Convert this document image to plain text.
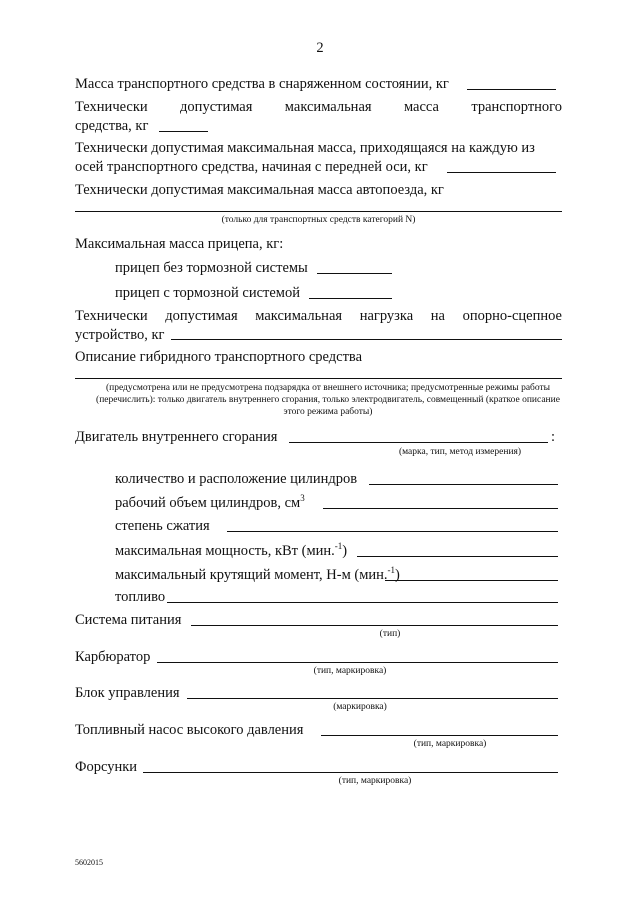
2
Масса транспортного средства в снаряженном состоянии, кг
Технически допустимая максимальная масса транспортного
средства, кг
Технически допустимая максимальная масса, приходящаяся на каждую из
осей транспортного средства, начиная с передней оси, кг
Технически допустимая максимальная масса автопоезда, кг
(только для транспортных средств категорий N)
Максимальная масса прицепа, кг:
прицеп без тормозной системы
прицеп с тормозной системой
Технически допустимая максимальная нагрузка на опорно-сцепное
устройство, кг
Описание гибридного транспортного средства
(предусмотрена или не предусмотрена подзарядка от внешнего источника; предусмотренные режимы работы (перечислить): только двигатель внутреннего сгорания, только электродвигатель, совмещенный (краткое описание этого режима работы)
Двигатель внутреннего сгорания	:
(марка, тип, метод измерения)
количество и расположение цилиндров
рабочий объем цилиндров, $см^3$
степень сжатия
максимальная мощность, кВт (мин.$^{-1}$)
максимальный крутящий момент, Н-м (мин.$^{-1}$)
топливо
Система питания
(тип)
Карбюратор
(тип, маркировка)
Блок управления
(маркировка)
Топливный насос высокого давления
(тип, маркировка)
Форсунки
(тип, маркировка)
5602015
